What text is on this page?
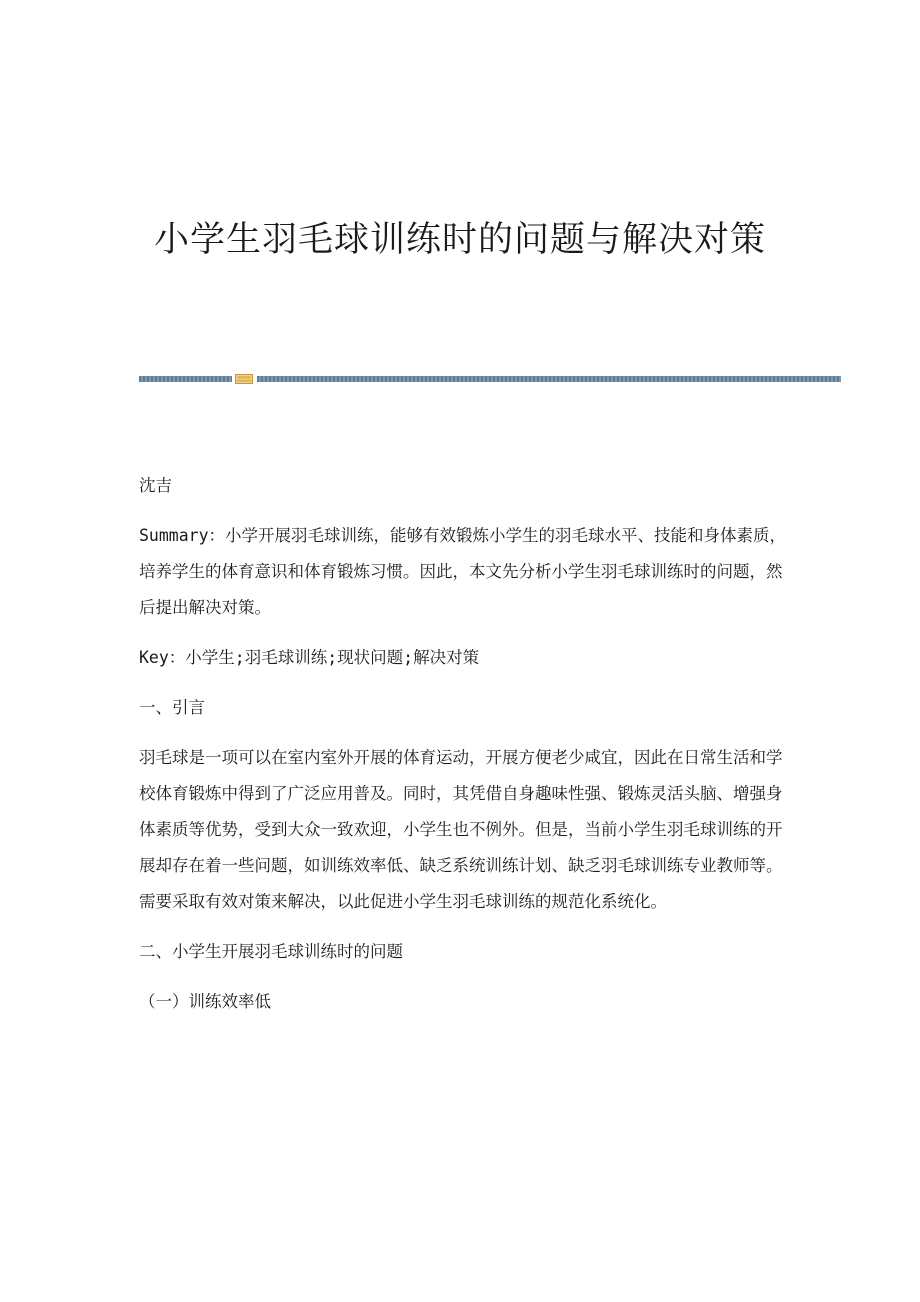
小学生羽毛球训练时的问题与解决对策

沈吉

Summary：小学开展羽毛球训练，能够有效锻炼小学生的羽毛球水平、技能和身体素质，培养学生的体育意识和体育锻炼习惯。因此，本文先分析小学生羽毛球训练时的问题，然后提出解决对策。

Key：小学生;羽毛球训练;现状问题;解决对策

一、引言

羽毛球是一项可以在室内室外开展的体育运动，开展方便老少咸宜，因此在日常生活和学校体育锻炼中得到了广泛应用普及。同时，其凭借自身趣味性强、锻炼灵活头脑、增强身体素质等优势，受到大众一致欢迎，小学生也不例外。但是，当前小学生羽毛球训练的开展却存在着一些问题，如训练效率低、缺乏系统训练计划、缺乏羽毛球训练专业教师等。需要采取有效对策来解决，以此促进小学生羽毛球训练的规范化系统化。

二、小学生开展羽毛球训练时的问题

（一）训练效率低
